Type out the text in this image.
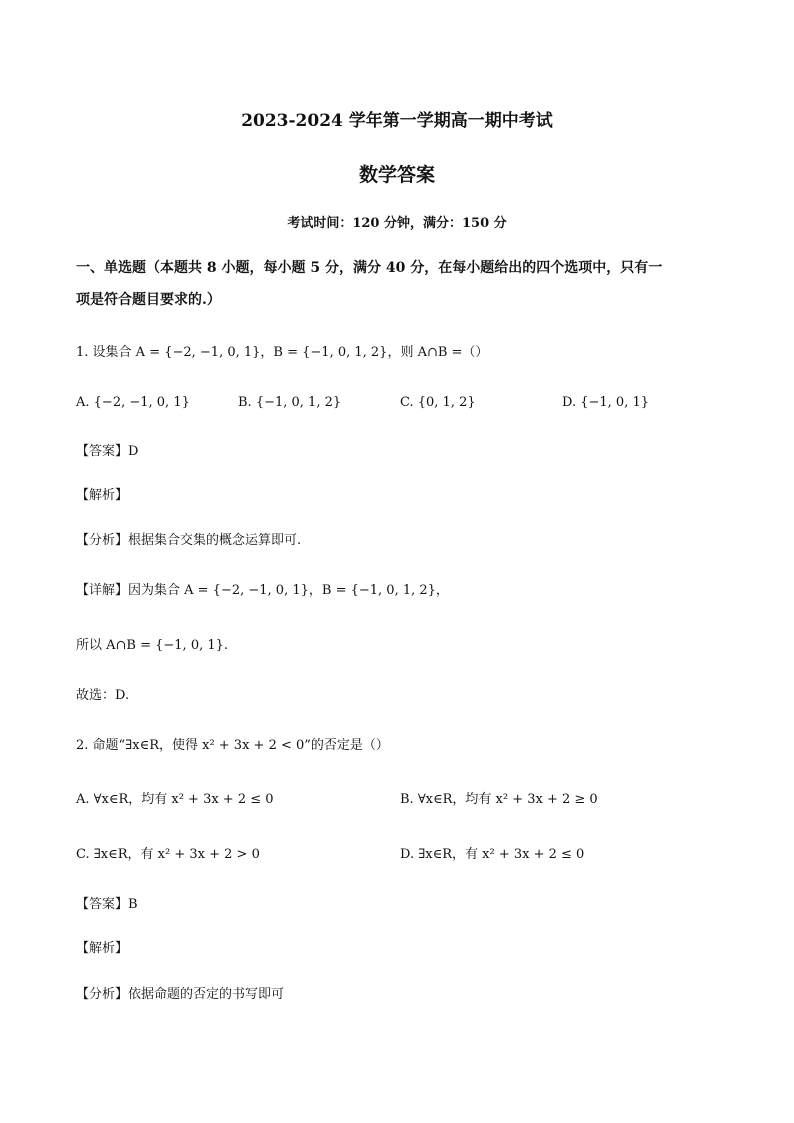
2023-2024 学年第一学期高一期中考试
数学答案
考试时间：120 分钟，满分：150 分
一、单选题（本题共 8 小题，每小题 5 分，满分 40 分，在每小题给出的四个选项中，只有一
项是符合题目要求的.）
1. 设集合 A = {−2, −1, 0, 1}，B = {−1, 0, 1, 2}，则 A∩B =（）
A. {−2, −1, 0, 1}	B. {−1, 0, 1, 2}	C. {0, 1, 2}	D. {−1, 0, 1}
【答案】D
【解析】
【分析】根据集合交集的概念运算即可.
【详解】因为集合 A = {−2, −1, 0, 1}，B = {−1, 0, 1, 2}，
所以 A∩B = {−1, 0, 1}.
故选：D.
2. 命题“∃x∈R，使得 x² + 3x + 2 < 0”的否定是（）
A. ∀x∈R，均有 x² + 3x + 2 ≤ 0	B. ∀x∈R，均有 x² + 3x + 2 ≥ 0
C. ∃x∈R，有 x² + 3x + 2 > 0	D. ∃x∈R，有 x² + 3x + 2 ≤ 0
【答案】B
【解析】
【分析】依据命题的否定的书写即可
